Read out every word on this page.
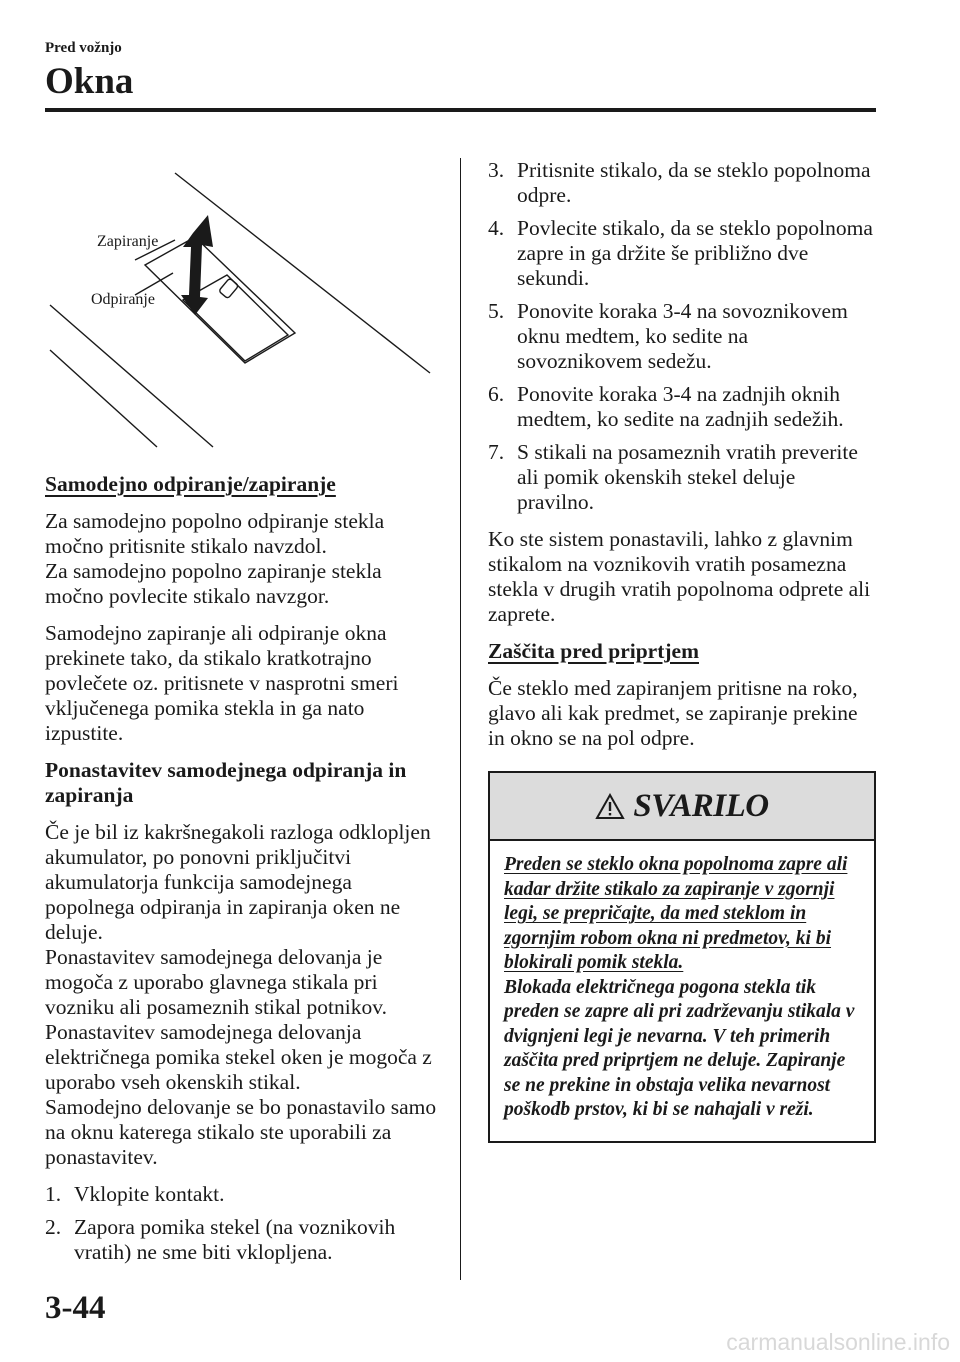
Pred vožnjo
Okna
Zapiranje
Odpiranje
Samodejno odpiranje/zapiranje

Za samodejno popolno odpiranje stekla močno pritisnite stikalo navzdol.

Za samodejno popolno zapiranje stekla močno povlecite stikalo navzgor.

Samodejno zapiranje ali odpiranje okna prekinete tako, da stikalo kratkotrajno povlečete oz. pritisnete v nasprotni smeri vključenega pomika stekla in ga nato izpustite.

Ponastavitev samodejnega odpiranja in zapiranja

Če je bil iz kakršnegakoli razloga odklopljen akumulator, po ponovni priključitvi akumulatorja funkcija samodejnega popolnega odpiranja in zapiranja oken ne deluje.

Ponastavitev samodejnega delovanja je mogoča z uporabo glavnega stikala pri vozniku ali posameznih stikal potnikov.

Ponastavitev samodejnega delovanja električnega pomika stekel oken je mogoča z uporabo vseh okenskih stikal.

Samodejno delovanje se bo ponastavilo samo na oknu katerega stikalo ste uporabili za ponastavitev.

1. Vklopite kontakt.
2. Zapora pomika stekel (na voznikovih vratih) ne sme biti vklopljena.
3. Pritisnite stikalo, da se steklo popolnoma odpre.
4. Povlecite stikalo, da se steklo popolnoma zapre in ga držite še približno dve sekundi.
5. Ponovite koraka 3-4 na sovoznikovem oknu medtem, ko sedite na sovoznikovem sedežu.
6. Ponovite koraka 3-4 na zadnjih oknih medtem, ko sedite na zadnjih sedežih.
7. S stikali na posameznih vratih preverite ali pomik okenskih stekel deluje pravilno.

Ko ste sistem ponastavili, lahko z glavnim stikalom na voznikovih vratih posamezna stekla v drugih vratih popolnoma odprete ali zaprete.

Zaščita pred priprtjem

Če steklo med zapiranjem pritisne na roko, glavo ali kak predmet, se zapiranje prekine in okno se na pol odpre.

SVARILO
Preden se steklo okna popolnoma zapre ali kadar držite stikalo za zapiranje v zgornji legi, se prepričajte, da med steklom in zgornjim robom okna ni predmetov, ki bi blokirali pomik stekla.
Blokada električnega pogona stekla tik preden se zapre ali pri zadrževanju stikala v dvignjeni legi je nevarna. V teh primerih zaščita pred priprtjem ne deluje. Zapiranje se ne prekine in obstaja velika nevarnost poškodb prstov, ki bi se nahajali v reži.
3-44
carmanualsonline.info
